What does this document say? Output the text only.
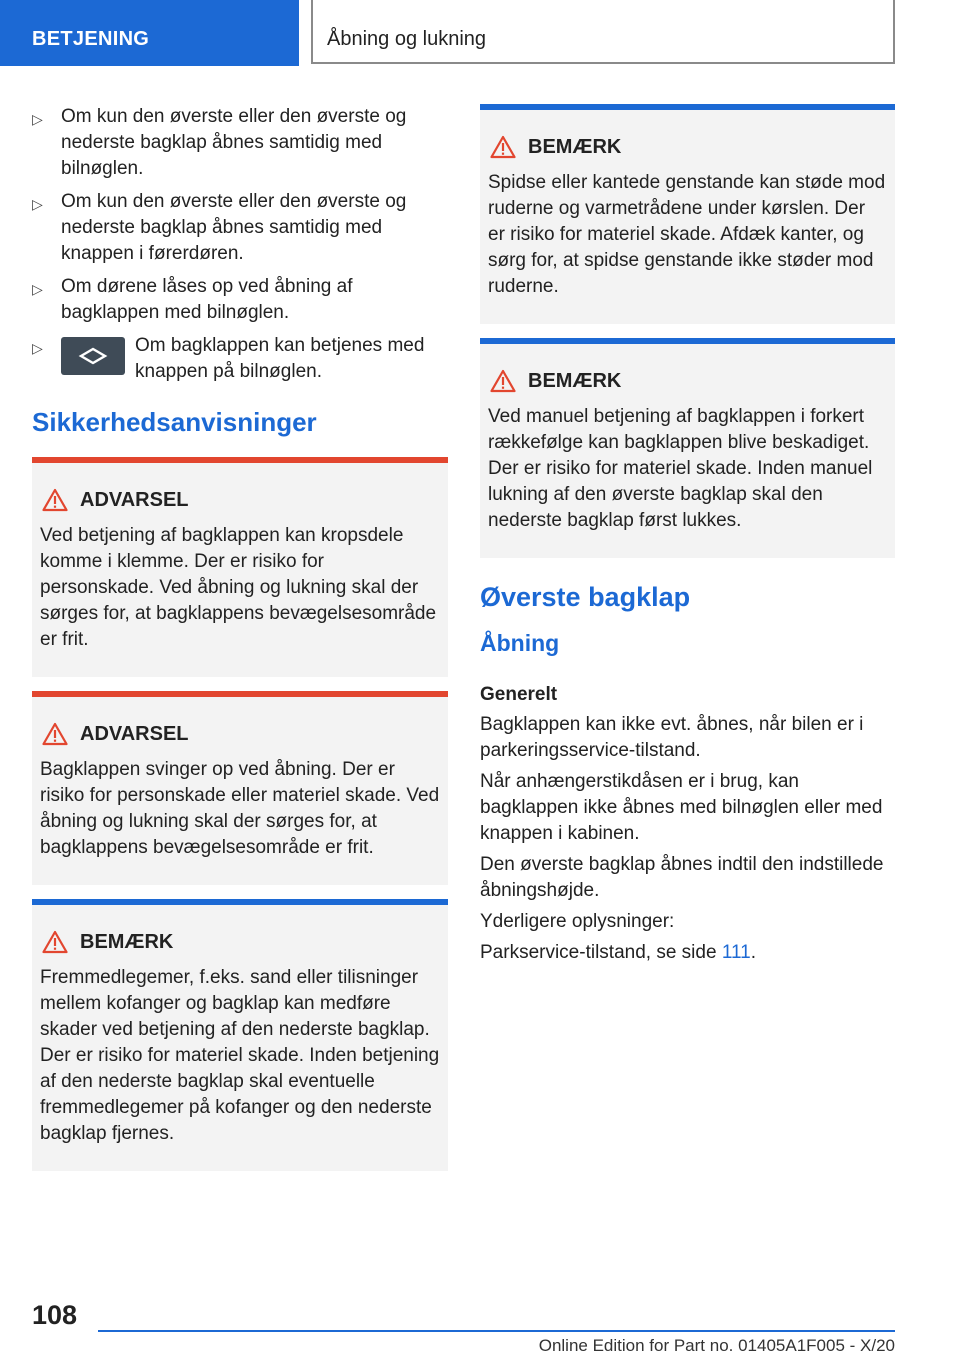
BETJENING	Åbning og lukning
▷ Om kun den øverste eller den øverste og nederste bagklap åbnes samtidig med bilnøglen.
▷ Om kun den øverste eller den øverste og nederste bagklap åbnes samtidig med knappen i førerdøren.
▷ Om dørene låses op ved åbning af bagklappen med bilnøglen.
▷	Om bagklappen kan betjenes med knappen på bilnøglen.
Sikkerhedsanvisninger
ADVARSEL
Ved betjening af bagklappen kan kropsdele komme i klemme. Der er risiko for personskade. Ved åbning og lukning skal der sørges for, at bagklappens bevægelsesområde er frit.
ADVARSEL
Bagklappen svinger op ved åbning. Der er risiko for personskade eller materiel skade. Ved åbning og lukning skal der sørges for, at bagklappens bevægelsesområde er frit.
BEMÆRK
Fremmedlegemer, f.eks. sand eller tilisninger mellem kofanger og bagklap kan medføre skader ved betjening af den nederste bagklap. Der er risiko for materiel skade. Inden betjening af den nederste bagklap skal eventuelle fremmedlegemer på kofanger og den nederste bagklap fjernes.
BEMÆRK
Spidse eller kantede genstande kan støde mod ruderne og varmetrådene under kørslen. Der er risiko for materiel skade. Afdæk kanter, og sørg for, at spidse genstande ikke støder mod ruderne.
BEMÆRK
Ved manuel betjening af bagklappen i forkert rækkefølge kan bagklappen blive beskadiget. Der er risiko for materiel skade. Inden manuel lukning af den øverste bagklap skal den nederste bagklap først lukkes.
Øverste bagklap
Åbning
Generelt

Bagklappen kan ikke evt. åbnes, når bilen er i parkeringsservice-tilstand.

Når anhængerstikdåsen er i brug, kan bagklappen ikke åbnes med bilnøglen eller med knappen i kabinen.

Den øverste bagklap åbnes indtil den indstillede åbningshøjde.

Yderligere oplysninger:

Parkservice-tilstand, se side 111.

108
Online Edition for Part no. 01405A1F005 - X/20
